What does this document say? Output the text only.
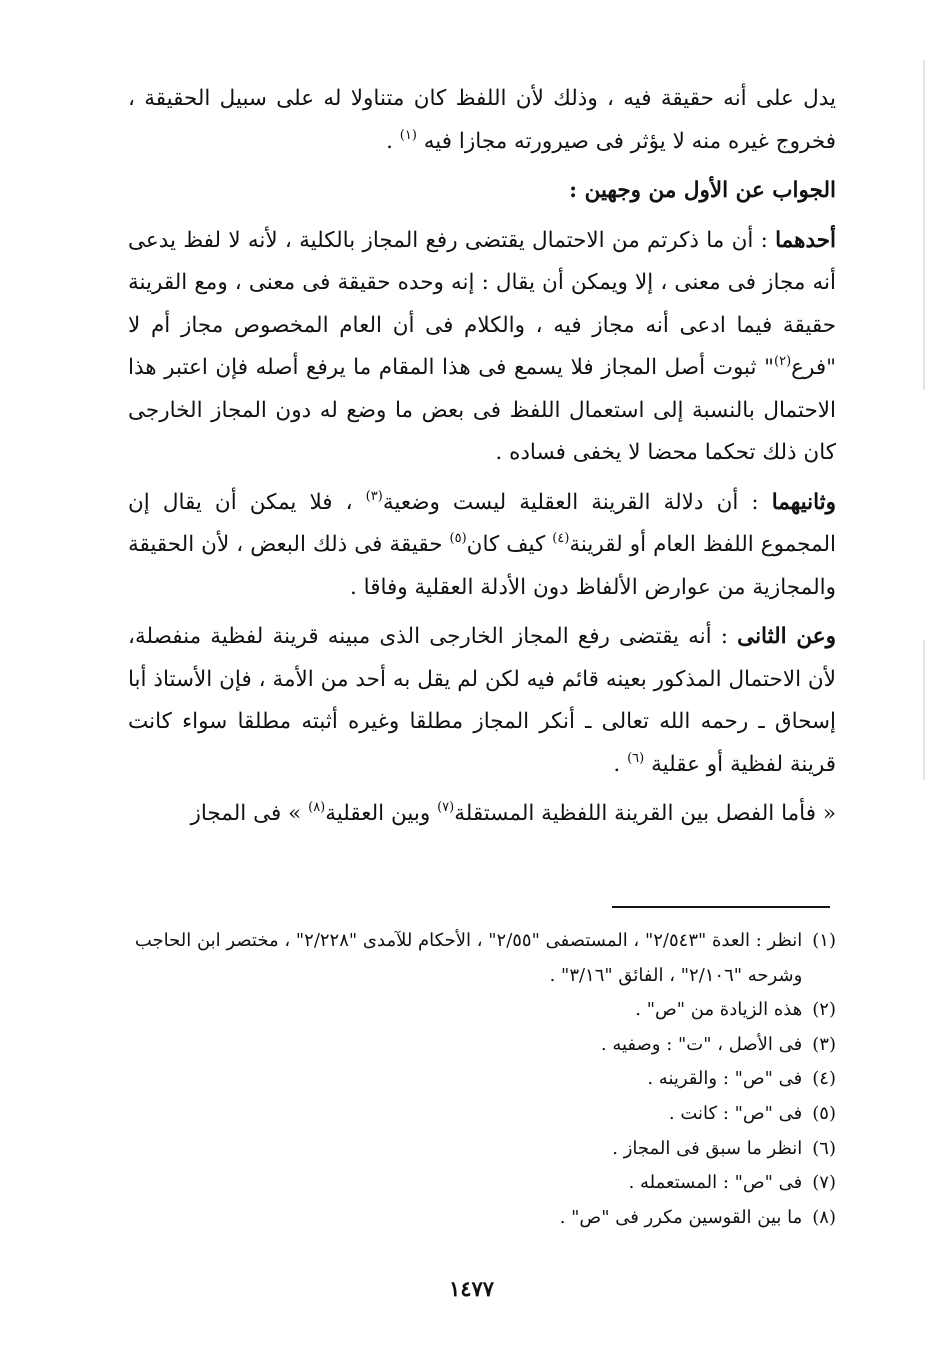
يدل على أنه حقيقة فيه ، وذلك لأن اللفظ كان متناولا له على سبيل الحقيقة ، فخروج غيره منه لا يؤثر فى صيرورته مجازا فيه $^{(١)}$ .

الجواب عن الأول من وجهين :

أحدهما : أن ما ذكرتم من الاحتمال يقتضى رفع المجاز بالكلية ، لأنه لا لفظ يدعى أنه مجاز فى معنى ، إلا ويمكن أن يقال : إنه وحده حقيقة فى معنى ، ومع القرينة حقيقة فيما ادعى أنه مجاز فيه ، والكلام فى أن العام المخصوص مجاز أم لا "فرع$^{(٢)}$" ثبوت أصل المجاز فلا يسمع فى هذا المقام ما يرفع أصله فإن اعتبر هذا الاحتمال بالنسبة إلى استعمال اللفظ فى بعض ما وضع له دون المجاز الخارجى كان ذلك تحكما محضا لا يخفى فساده .

وثانيهما : أن دلالة القرينة العقلية ليست وضعية$^{(٣)}$ ، فلا يمكن أن يقال إن المجموع اللفظ العام أو لقرينة$^{(٤)}$ كيف كان$^{(٥)}$ حقيقة فى ذلك البعض ، لأن الحقيقة والمجازية من عوارض الألفاظ دون الأدلة العقلية وفاقا .

وعن الثانى : أنه يقتضى رفع المجاز الخارجى الذى مبينه قرينة لفظية منفصلة، لأن الاحتمال المذكور بعينه قائم فيه لكن لم يقل به أحد من الأمة ، فإن الأستاذ أبا إسحاق ـ رحمه الله تعالى ـ أنكر المجاز مطلقا وغيره أثبته مطلقا سواء كانت قرينة لفظية أو عقلية $^{(٦)}$ .

« فأما الفصل بين القرينة اللفظية المستقلة$^{(٧)}$ وبين العقلية$^{(٨)}$ » فى المجاز

(١)
انظر : العدة "٢/٥٤٣" ، المستصفى "٢/٥٥" ، الأحكام للآمدى "٢/٢٢٨" ، مختصر ابن الحاجب وشرحه "٢/١٠٦" ، الفائق "٣/١٦" .
(٢)
هذه الزيادة من "ص" .
(٣)
فى الأصل ، "ت" : وصفيه .
(٤)
فى "ص" : والقرينه .
(٥)
فى "ص" : كانت .
(٦)
انظر ما سبق فى المجاز .
(٧)
فى "ص" : المستعمله .
(٨)
ما بين القوسين مكرر فى "ص" .
١٤٧٧
